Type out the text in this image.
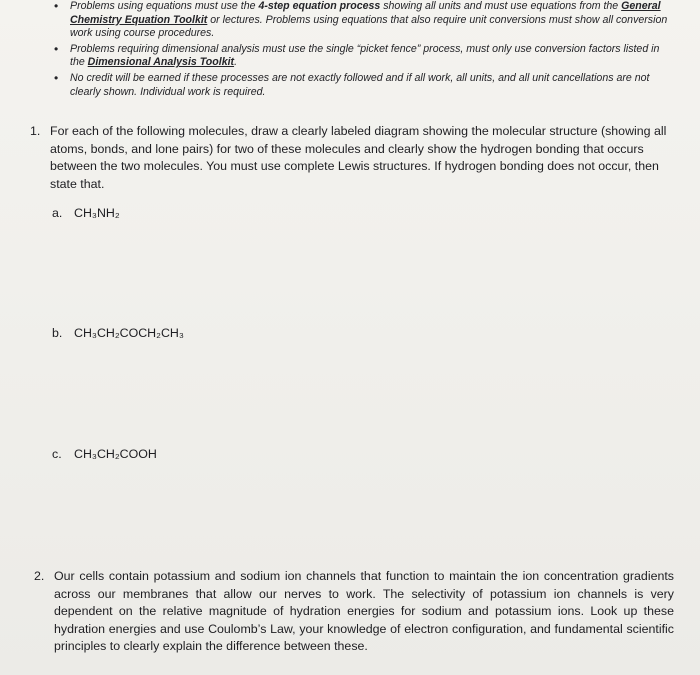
• Problems using equations must use the 4-step equation process showing all units and must use equations from the General Chemistry Equation Toolkit or lectures. Problems using equations that also require unit conversions must show all conversion work using course procedures.
• Problems requiring dimensional analysis must use the single “picket fence” process, must only use conversion factors listed in the Dimensional Analysis Toolkit.
• No credit will be earned if these processes are not exactly followed and if all work, all units, and all unit cancellations are not clearly shown. Individual work is required.
1. For each of the following molecules, draw a clearly labeled diagram showing the molecular structure (showing all atoms, bonds, and lone pairs) for two of these molecules and clearly show the hydrogen bonding that occurs between the two molecules. You must use complete Lewis structures. If hydrogen bonding does not occur, then state that.
a. CH₃NH₂
b. CH₃CH₂COCH₂CH₃
c. CH₃CH₂COOH
2. Our cells contain potassium and sodium ion channels that function to maintain the ion concentration gradients across our membranes that allow our nerves to work. The selectivity of potassium ion channels is very dependent on the relative magnitude of hydration energies for sodium and potassium ions. Look up these hydration energies and use Coulomb’s Law, your knowledge of electron configuration, and fundamental scientific principles to clearly explain the difference between these.
